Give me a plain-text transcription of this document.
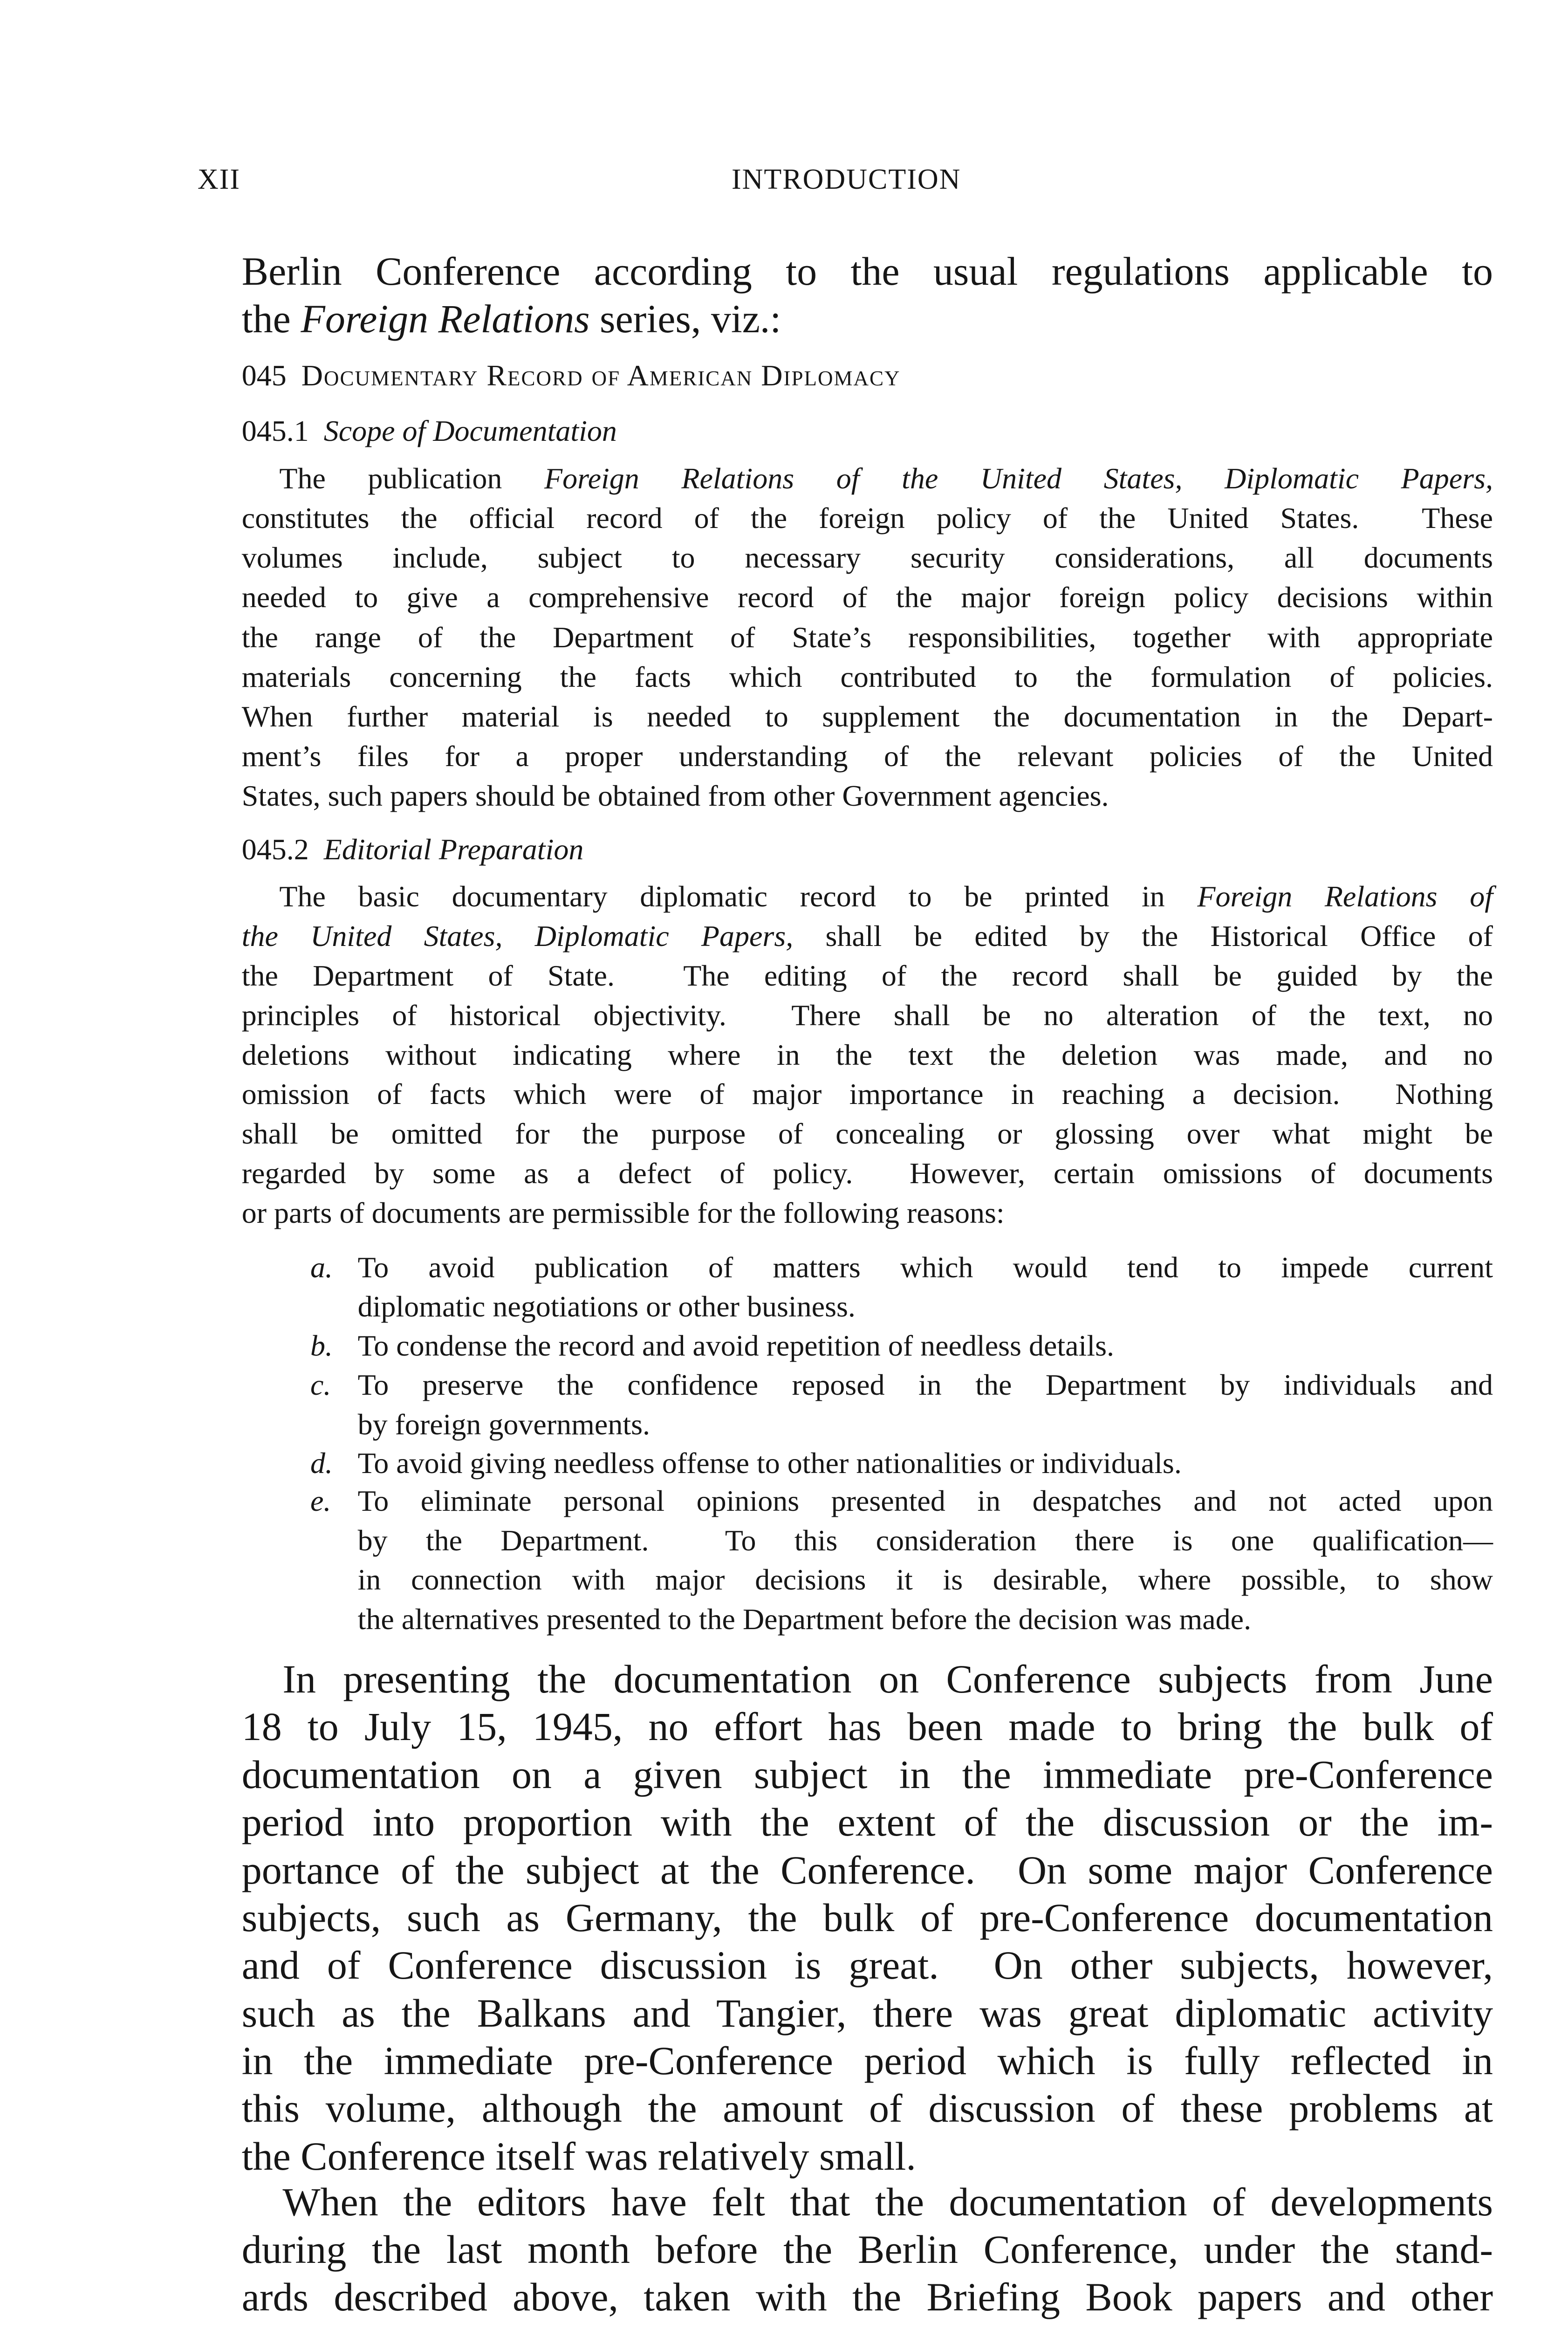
XII	INTRODUCTION
Berlin Conference according to the usual regulations applicable to
the Foreign Relations series, viz.:
045  Documentary Record of American Diplomacy
045.1  Scope of Documentation
The publication Foreign Relations of the United States, Diplomatic Papers,
constitutes the official record of the foreign policy of the United States.  These
volumes include, subject to necessary security considerations, all documents
needed to give a comprehensive record of the major foreign policy decisions within
the range of the Department of State’s responsibilities, together with appropriate
materials concerning the facts which contributed to the formulation of policies.
When further material is needed to supplement the documentation in the Depart-
ment’s files for a proper understanding of the relevant policies of the United
States, such papers should be obtained from other Government agencies.
045.2  Editorial Preparation
The basic documentary diplomatic record to be printed in Foreign Relations of
the United States, Diplomatic Papers, shall be edited by the Historical Office of
the Department of State.  The editing of the record shall be guided by the
principles of historical objectivity.  There shall be no alteration of the text, no
deletions without indicating where in the text the deletion was made, and no
omission of facts which were of major importance in reaching a decision.  Nothing
shall be omitted for the purpose of concealing or glossing over what might be
regarded by some as a defect of policy.  However, certain omissions of documents
or parts of documents are permissible for the following reasons:
a. To avoid publication of matters which would tend to impede current
diplomatic negotiations or other business.
b. To condense the record and avoid repetition of needless details.
c. To preserve the confidence reposed in the Department by individuals and
by foreign governments.
d. To avoid giving needless offense to other nationalities or individuals.
e. To eliminate personal opinions presented in despatches and not acted upon
by the Department.  To this consideration there is one qualification—
in connection with major decisions it is desirable, where possible, to show
the alternatives presented to the Department before the decision was made.
In presenting the documentation on Conference subjects from June
18 to July 15, 1945, no effort has been made to bring the bulk of
documentation on a given subject in the immediate pre-Conference
period into proportion with the extent of the discussion or the im-
portance of the subject at the Conference.  On some major Conference
subjects, such as Germany, the bulk of pre-Conference documentation
and of Conference discussion is great.  On other subjects, however,
such as the Balkans and Tangier, there was great diplomatic activity
in the immediate pre-Conference period which is fully reflected in
this volume, although the amount of discussion of these problems at
the Conference itself was relatively small.
When the editors have felt that the documentation of developments
during the last month before the Berlin Conference, under the stand-
ards described above, taken with the Briefing Book papers and other
